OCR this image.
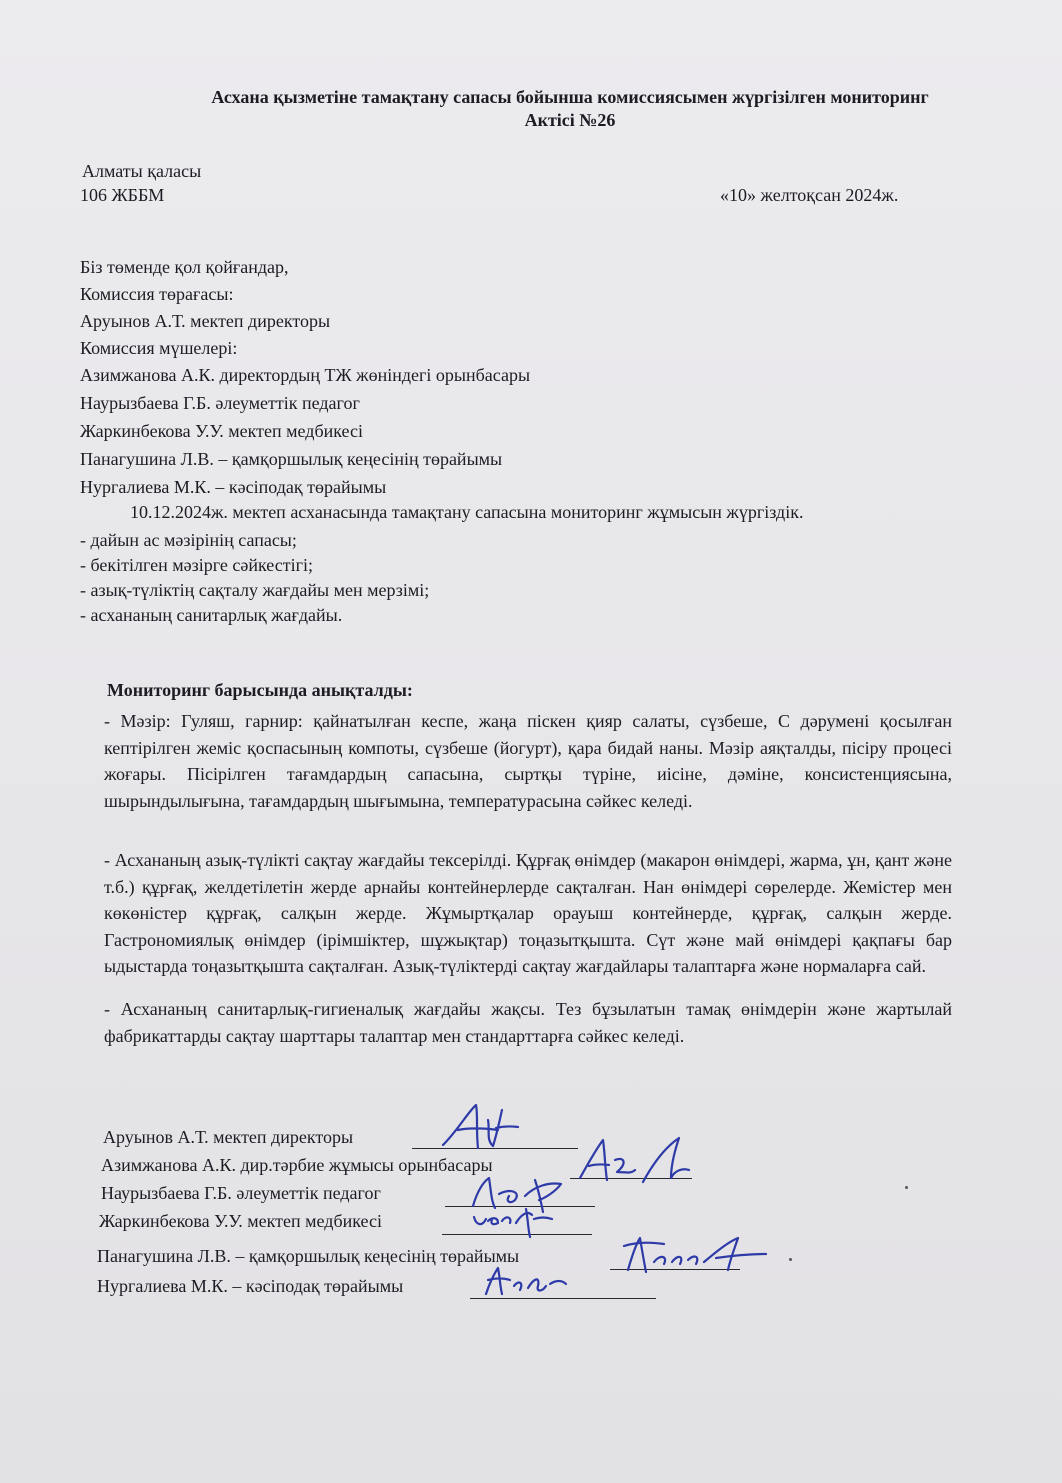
Асхана қызметіне тамақтану сапасы бойынша комиссиясымен жүргізілген мониторинг
Актісі №26
Алматы қаласы
106 ЖББМ	«10» желтоқсан 2024ж.
Біз төменде қол қойғандар,
Комиссия төрағасы:
Аруынов А.Т. мектеп директоры
Комиссия мүшелері:
Азимжанова А.К. директордың ТЖ жөніндегі орынбасары
Наурызбаева Г.Б. әлеуметтік педагог
Жаркинбекова У.У. мектеп медбикесі
Панагушина Л.В. – қамқоршылық кеңесінің төрайымы
Нургалиева М.К. – кәсіподақ төрайымы
10.12.2024ж. мектеп асханасында тамақтану сапасына мониторинг жұмысын жүргіздік.
- дайын ас мәзірінің сапасы;
- бекітілген мәзірге сәйкестігі;
- азық-түліктің сақталу жағдайы мен мерзімі;
- асхананың санитарлық жағдайы.
Мониторинг барысында анықталды:
- Мәзір: Гуляш, гарнир: қайнатылған кеспе, жаңа піскен қияр салаты, сүзбеше, С дәрумені қосылған кептірілген жеміс қоспасының компоты, сүзбеше (йогурт), қара бидай наны. Мәзір аяқталды, пісіру процесі жоғары. Пісірілген тағамдардың сапасына, сыртқы түріне, иісіне, дәміне, консистенциясына, шырындылығына, тағамдардың шығымына, температурасына сәйкес келеді.
- Асхананың азық-түлікті сақтау жағдайы тексерілді. Құрғақ өнімдер (макарон өнімдері, жарма, ұн, қант және т.б.) құрғақ, желдетілетін жерде арнайы контейнерлерде сақталған. Нан өнімдері сөрелерде. Жемістер мен көкөністер құрғақ, салқын жерде. Жұмыртқалар орауыш контейнерде, құрғақ, салқын жерде. Гастрономиялық өнімдер (ірімшіктер, шұжықтар) тоңазытқышта. Сүт және май өнімдері қақпағы бар ыдыстарда тоңазытқышта сақталған. Азық-түліктерді сақтау жағдайлары талаптарға және нормаларға сай.
- Асхананың санитарлық-гигиеналық жағдайы жақсы. Тез бұзылатын тамақ өнімдерін және жартылай фабрикаттарды сақтау шарттары талаптар мен стандарттарға сәйкес келеді.
Аруынов А.Т. мектеп директоры
Азимжанова А.К. дир.тәрбие жұмысы орынбасары
Наурызбаева Г.Б. әлеуметтік педагог
Жаркинбекова У.У. мектеп медбикесі
Панагушина Л.В. – қамқоршылық кеңесінің төрайымы
Нургалиева М.К. – кәсіподақ төрайымы
